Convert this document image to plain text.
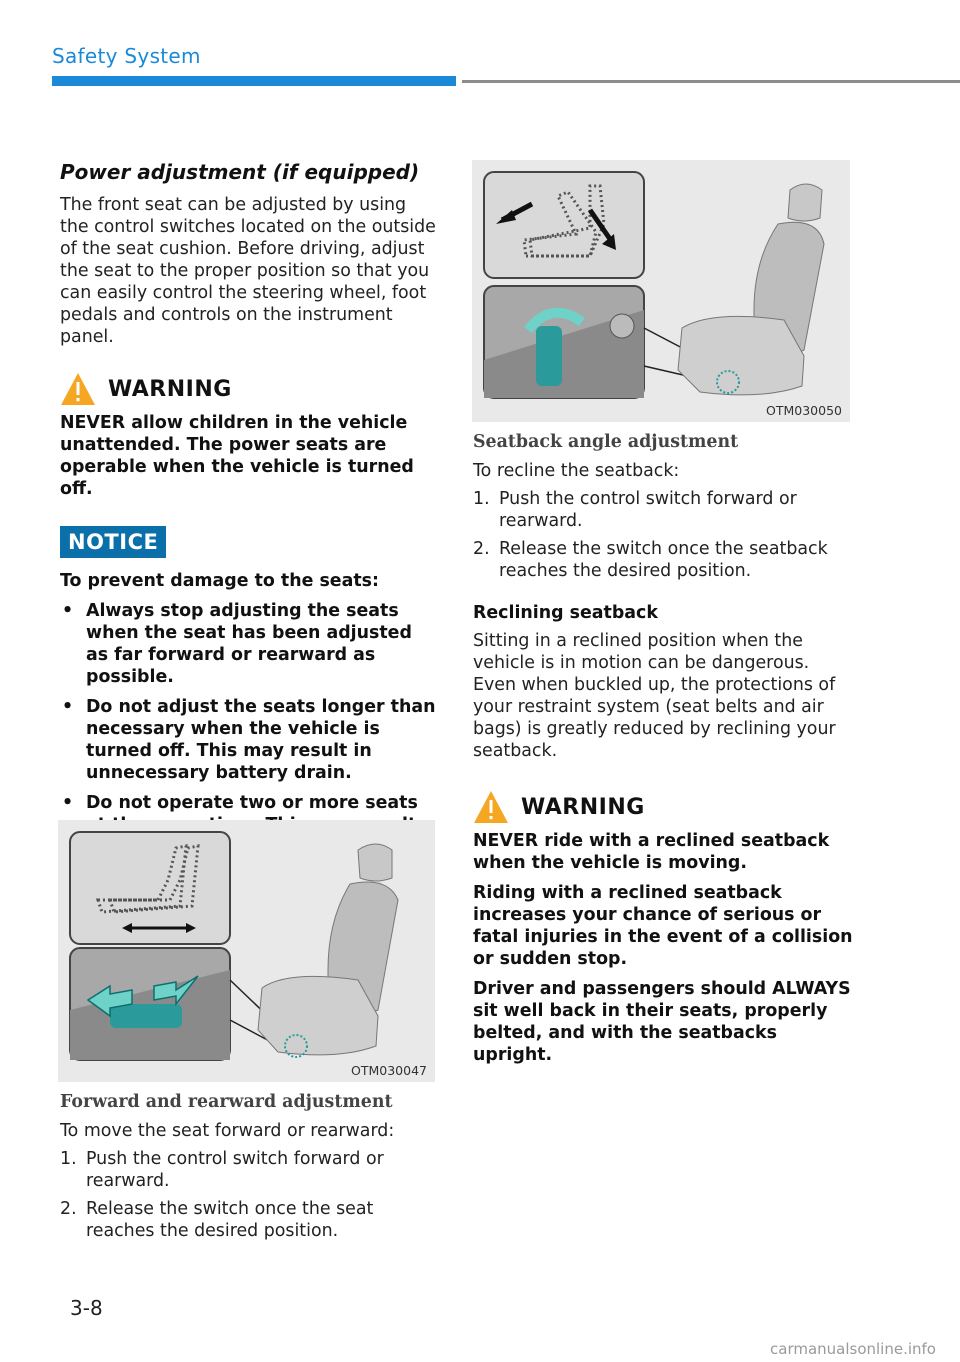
Safety System
Power adjustment (if equipped)

The front seat can be adjusted by using the control switches located on the outside of the seat cushion. Before driving, adjust the seat to the proper position so that you can easily control the steering wheel, foot pedals and controls on the instrument panel.

WARNING

NEVER allow children in the vehicle unattended. The power seats are operable when the vehicle is turned off.

NOTICE

To prevent damage to the seats:

• Always stop adjusting the seats when the seat has been adjusted as far forward or rearward as possible.
• Do not adjust the seats longer than necessary when the vehicle is turned off. This may result in unnecessary battery drain.
• Do not operate two or more seats
OTM030047
Forward and rearward adjustment

To move the seat forward or rearward:

1. Push the control switch forward or rearward.
2. Release the switch once the seat reaches the desired position.
OTM030050
Seatback angle adjustment

To recline the seatback:

1. Push the control switch forward or rearward.
2. Release the switch once the seatback reaches the desired position.

Reclining seatback

Sitting in a reclined position when the vehicle is in motion can be dangerous. Even when buckled up, the protections of your restraint system (seat belts and air bags) is greatly reduced by reclining your seatback.

WARNING

NEVER ride with a reclined seatback when the vehicle is moving.

Riding with a reclined seatback increases your chance of serious or fatal injuries in the event of a collision or sudden stop.

Driver and passengers should ALWAYS sit well back in their seats, properly belted, and with the seatbacks upright.

3-8
carmanualsonline.info
